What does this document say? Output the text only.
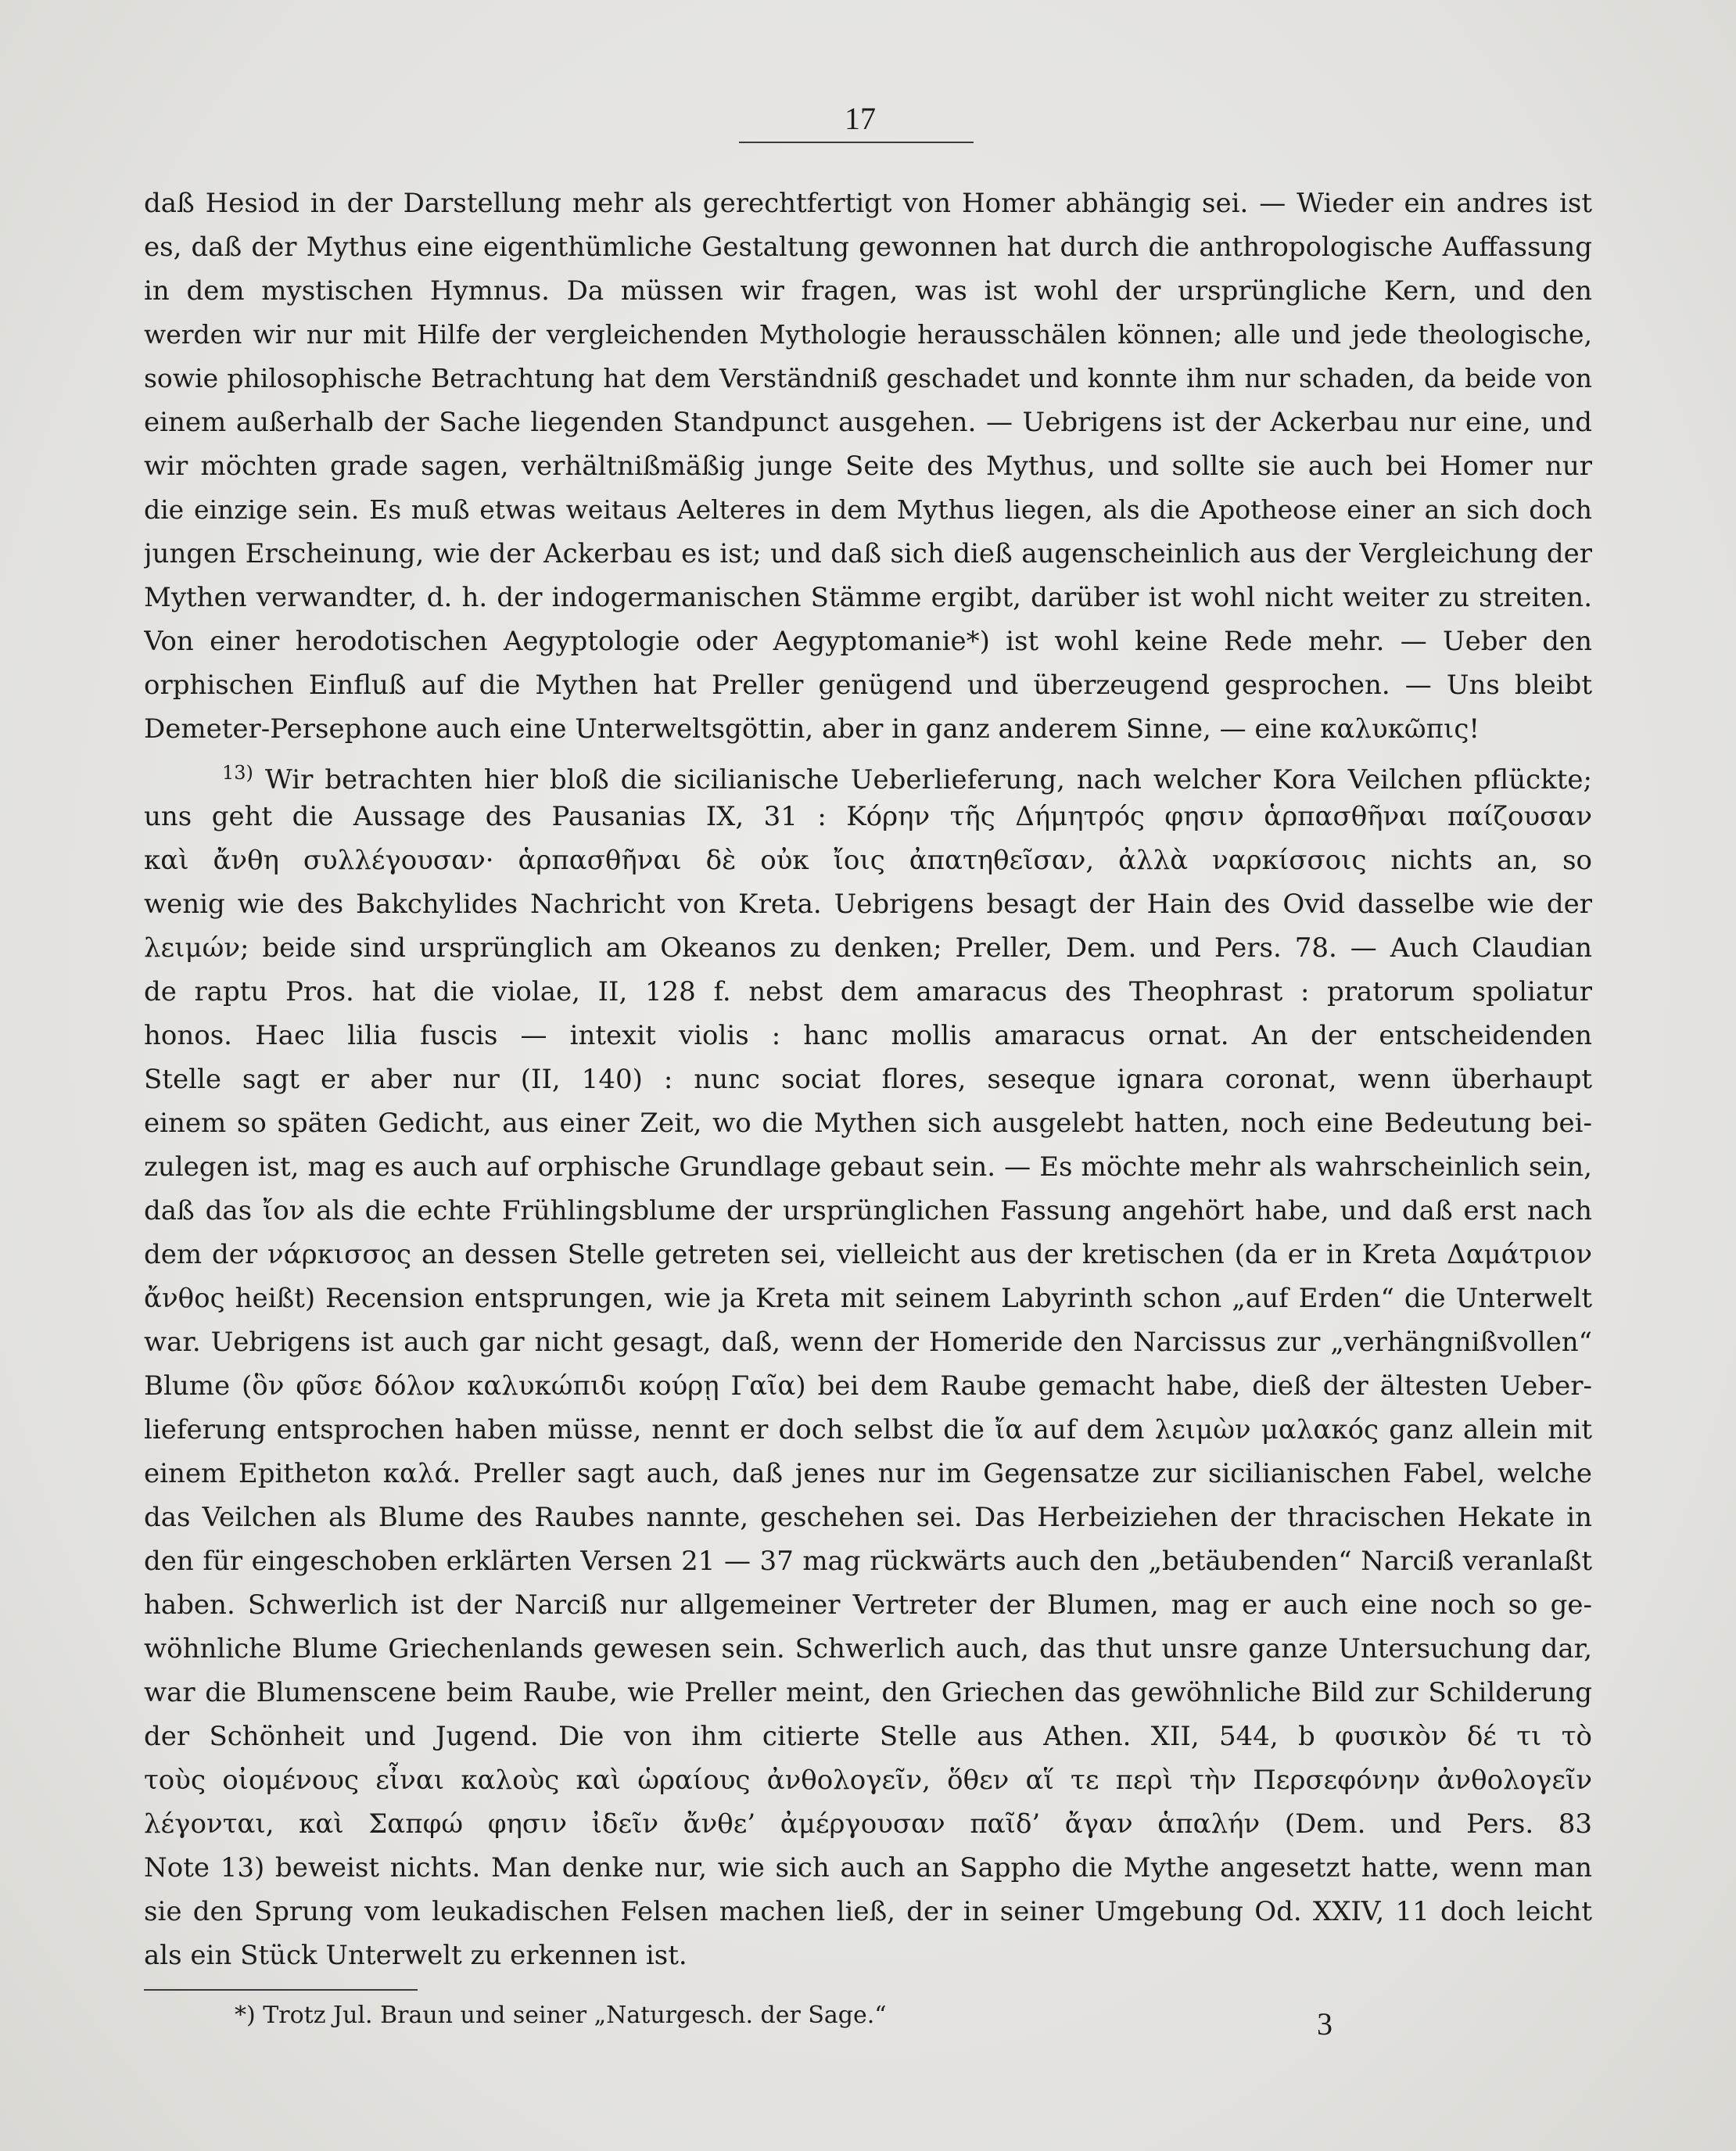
17
daß Hesiod in der Darstellung mehr als gerechtfertigt von Homer abhängig sei. — Wieder ein andres ist
es, daß der Mythus eine eigenthümliche Gestaltung gewonnen hat durch die anthropologische Auffassung
in dem mystischen Hymnus. Da müssen wir fragen, was ist wohl der ursprüngliche Kern, und den
werden wir nur mit Hilfe der vergleichenden Mythologie herausschälen können; alle und jede theologische,
sowie philosophische Betrachtung hat dem Verständniß geschadet und konnte ihm nur schaden, da beide von
einem außerhalb der Sache liegenden Standpunct ausgehen. — Uebrigens ist der Ackerbau nur eine, und
wir möchten grade sagen, verhältnißmäßig junge Seite des Mythus, und sollte sie auch bei Homer nur
die einzige sein. Es muß etwas weitaus Aelteres in dem Mythus liegen, als die Apotheose einer an sich doch
jungen Erscheinung, wie der Ackerbau es ist; und daß sich dieß augenscheinlich aus der Vergleichung der
Mythen verwandter, d. h. der indogermanischen Stämme ergibt, darüber ist wohl nicht weiter zu streiten.
Von einer herodotischen Aegyptologie oder Aegyptomanie*) ist wohl keine Rede mehr. — Ueber den
orphischen Einfluß auf die Mythen hat Preller genügend und überzeugend gesprochen. — Uns bleibt
Demeter-Persephone auch eine Unterweltsgöttin, aber in ganz anderem Sinne, — eine καλυκῶπις!
$^{13)}$ Wir betrachten hier bloß die sicilianische Ueberlieferung, nach welcher Kora Veilchen pflückte;
uns geht die Aussage des Pausanias IX, 31 : Κόρην τῆς Δήμητρός φησιν ἁρπασθῆναι παίζουσαν
καὶ ἄνθη συλλέγουσαν· ἁρπασθῆναι δὲ οὐκ ἴοις ἀπατηθεῖσαν, ἀλλὰ ναρκίσσοις nichts an, so
wenig wie des Bakchylides Nachricht von Kreta. Uebrigens besagt der Hain des Ovid dasselbe wie der
λειμών; beide sind ursprünglich am Okeanos zu denken; Preller, Dem. und Pers. 78. — Auch Claudian
de raptu Pros. hat die violae, II, 128 f. nebst dem amaracus des Theophrast : pratorum spoliatur
honos. Haec lilia fuscis — intexit violis : hanc mollis amaracus ornat. An der entscheidenden
Stelle sagt er aber nur (II, 140) : nunc sociat flores, seseque ignara coronat, wenn überhaupt
einem so späten Gedicht, aus einer Zeit, wo die Mythen sich ausgelebt hatten, noch eine Bedeutung bei-
zulegen ist, mag es auch auf orphische Grundlage gebaut sein. — Es möchte mehr als wahrscheinlich sein,
daß das ἴον als die echte Frühlingsblume der ursprünglichen Fassung angehört habe, und daß erst nach
dem der νάρκισσος an dessen Stelle getreten sei, vielleicht aus der kretischen (da er in Kreta Δαμάτριον
ἄνθος heißt) Recension entsprungen, wie ja Kreta mit seinem Labyrinth schon „auf Erden“ die Unterwelt
war. Uebrigens ist auch gar nicht gesagt, daß, wenn der Homeride den Narcissus zur „verhängnißvollen“
Blume (ὃν φῦσε δόλον καλυκώπιδι κούρῃ Γαῖα) bei dem Raube gemacht habe, dieß der ältesten Ueber-
lieferung entsprochen haben müsse, nennt er doch selbst die ἴα auf dem λειμὼν μαλακός ganz allein mit
einem Epitheton καλά. Preller sagt auch, daß jenes nur im Gegensatze zur sicilianischen Fabel, welche
das Veilchen als Blume des Raubes nannte, geschehen sei. Das Herbeiziehen der thracischen Hekate in
den für eingeschoben erklärten Versen 21 — 37 mag rückwärts auch den „betäubenden“ Narciß veranlaßt
haben. Schwerlich ist der Narciß nur allgemeiner Vertreter der Blumen, mag er auch eine noch so ge-
wöhnliche Blume Griechenlands gewesen sein. Schwerlich auch, das thut unsre ganze Untersuchung dar,
war die Blumenscene beim Raube, wie Preller meint, den Griechen das gewöhnliche Bild zur Schilderung
der Schönheit und Jugend. Die von ihm citierte Stelle aus Athen. XII, 544, b φυσικὸν δέ τι τὸ
τοὺς οἰομένους εἶναι καλοὺς καὶ ὡραίους ἀνθολογεῖν, ὅθεν αἵ τε περὶ τὴν Περσεφόνην ἀνθολογεῖν
λέγονται, καὶ Σαπφώ φησιν ἰδεῖν ἄνθε’ ἀμέργουσαν παῖδ’ ἄγαν ἁπαλήν (Dem. und Pers. 83
Note 13) beweist nichts. Man denke nur, wie sich auch an Sappho die Mythe angesetzt hatte, wenn man
sie den Sprung vom leukadischen Felsen machen ließ, der in seiner Umgebung Od. XXIV, 11 doch leicht
als ein Stück Unterwelt zu erkennen ist.
*) Trotz Jul. Braun und seiner „Naturgesch. der Sage.“	3
